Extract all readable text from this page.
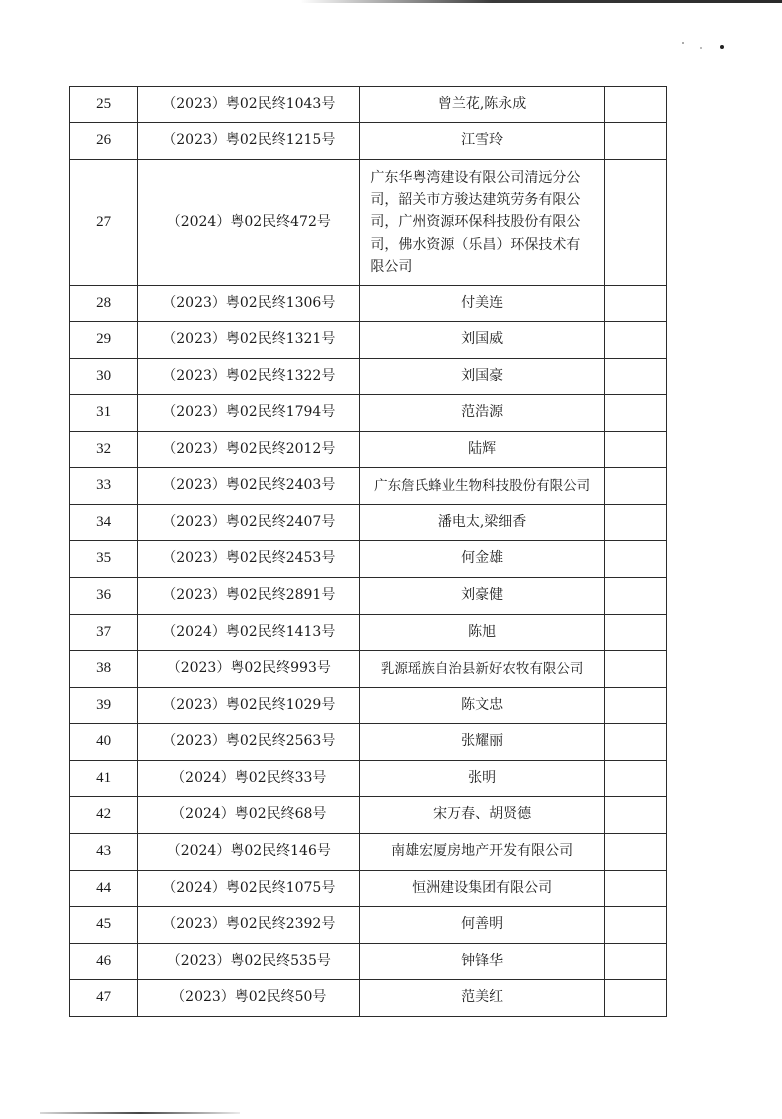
25	（2023）粤02民终1043号	曾兰花,陈永成	
26	（2023）粤02民终1215号	江雪玲	
27	（2024）粤02民终472号	广东华粤湾建设有限公司清远分公司，韶关市方骏达建筑劳务有限公司，广州资源环保科技股份有限公司，佛水资源（乐昌）环保技术有限公司	
28	（2023）粤02民终1306号	付美连	
29	（2023）粤02民终1321号	刘国威	
30	（2023）粤02民终1322号	刘国豪	
31	（2023）粤02民终1794号	范浩源	
32	（2023）粤02民终2012号	陆辉	
33	（2023）粤02民终2403号	广东詹氏蜂业生物科技股份有限公司	
34	（2023）粤02民终2407号	潘电太,梁细香	
35	（2023）粤02民终2453号	何金雄	
36	（2023）粤02民终2891号	刘豪健	
37	（2024）粤02民终1413号	陈旭	
38	（2023）粤02民终993号	乳源瑶族自治县新好农牧有限公司	
39	（2023）粤02民终1029号	陈文忠	
40	（2023）粤02民终2563号	张耀丽	
41	（2024）粤02民终33号	张明	
42	（2024）粤02民终68号	宋万春、胡贤德	
43	（2024）粤02民终146号	南雄宏厦房地产开发有限公司	
44	（2024）粤02民终1075号	恒洲建设集团有限公司	
45	（2023）粤02民终2392号	何善明	
46	（2023）粤02民终535号	钟锋华	
47	（2023）粤02民终50号	范美红	
